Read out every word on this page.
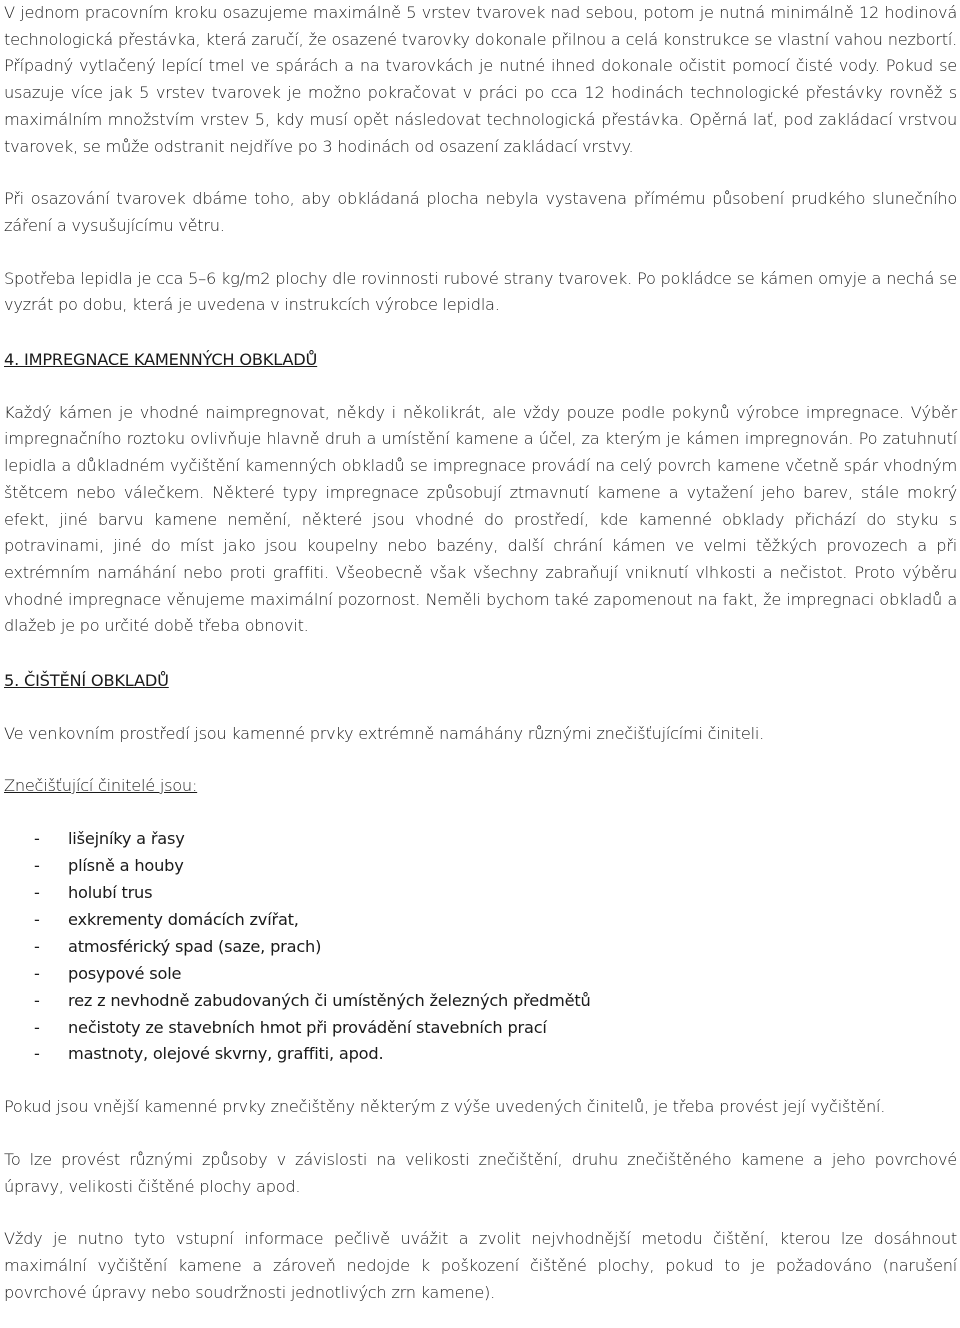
V jednom pracovním kroku osazujeme maximálně 5 vrstev tvarovek nad sebou, potom je nutná minimálně 12 hodinová technologická přestávka, která zaručí, že osazené tvarovky dokonale přilnou a celá konstrukce se vlastní vahou nezbortí. Případný vytlačený lepící tmel ve spárách a na tvarovkách je nutné ihned dokonale očistit pomocí čisté vody. Pokud se usazuje více jak 5 vrstev tvarovek je možno pokračovat v práci po cca 12 hodinách technologické přestávky rovněž s maximálním množstvím vrstev 5, kdy musí opět následovat technologická přestávka. Opěrná lať, pod zakládací vrstvou tvarovek, se může odstranit nejdříve po 3 hodinách od osazení zakládací vrstvy.

Při osazování tvarovek dbáme toho, aby obkládaná plocha nebyla vystavena přímému působení prudkého slunečního záření a vysušujícímu větru.

Spotřeba lepidla je cca 5–6 kg/m2 plochy dle rovinnosti rubové strany tvarovek. Po pokládce se kámen omyje a nechá se vyzrát po dobu, která je uvedena v instrukcích výrobce lepidla.

4. IMPREGNACE KAMENNÝCH OBKLADŮ

Každý kámen je vhodné naimpregnovat, někdy i několikrát, ale vždy pouze podle pokynů výrobce impregnace. Výběr impregnačního roztoku ovlivňuje hlavně druh a umístění kamene a účel, za kterým je kámen impregnován. Po zatuhnutí lepidla a důkladném vyčištění kamenných obkladů se impregnace provádí na celý povrch kamene včetně spár vhodným štětcem nebo válečkem. Některé typy impregnace způsobují ztmavnutí kamene a vytažení jeho barev, stále mokrý efekt, jiné barvu kamene nemění, některé jsou vhodné do prostředí, kde kamenné obklady přichází do styku s potravinami, jiné do míst jako jsou koupelny nebo bazény, další chrání kámen ve velmi těžkých provozech a při extrémním namáhání nebo proti graffiti. Všeobecně však všechny zabraňují vniknutí vlhkosti a nečistot. Proto výběru vhodné impregnace věnujeme maximální pozornost. Neměli bychom také zapomenout na fakt, že impregnaci obkladů a dlažeb je po určité době třeba obnovit.

5. ČIŠTĚNÍ OBKLADŮ

Ve venkovním prostředí jsou kamenné prvky extrémně namáhány různými znečišťujícími činiteli.

Znečišťující činitelé jsou:

- lišejníky a řasy
- plísně a houby
- holubí trus
- exkrementy domácích zvířat,
- atmosférický spad (saze, prach)
- posypové sole
- rez z nevhodně zabudovaných či umístěných železných předmětů
- nečistoty ze stavebních hmot při provádění stavebních prací
- mastnoty, olejové skvrny, graffiti, apod.

Pokud jsou vnější kamenné prvky znečištěny některým z výše uvedených činitelů, je třeba provést její vyčištění.

To lze provést různými způsoby v závislosti na velikosti znečištění, druhu znečištěného kamene a jeho povrchové úpravy, velikosti čištěné plochy apod.

Vždy je nutno tyto vstupní informace pečlivě uvážit a zvolit nejvhodnější metodu čištění, kterou lze dosáhnout maximální vyčištění kamene a zároveň nedojde k poškození čištěné plochy, pokud to je požadováno (narušení povrchové úpravy nebo soudržnosti jednotlivých zrn kamene).
